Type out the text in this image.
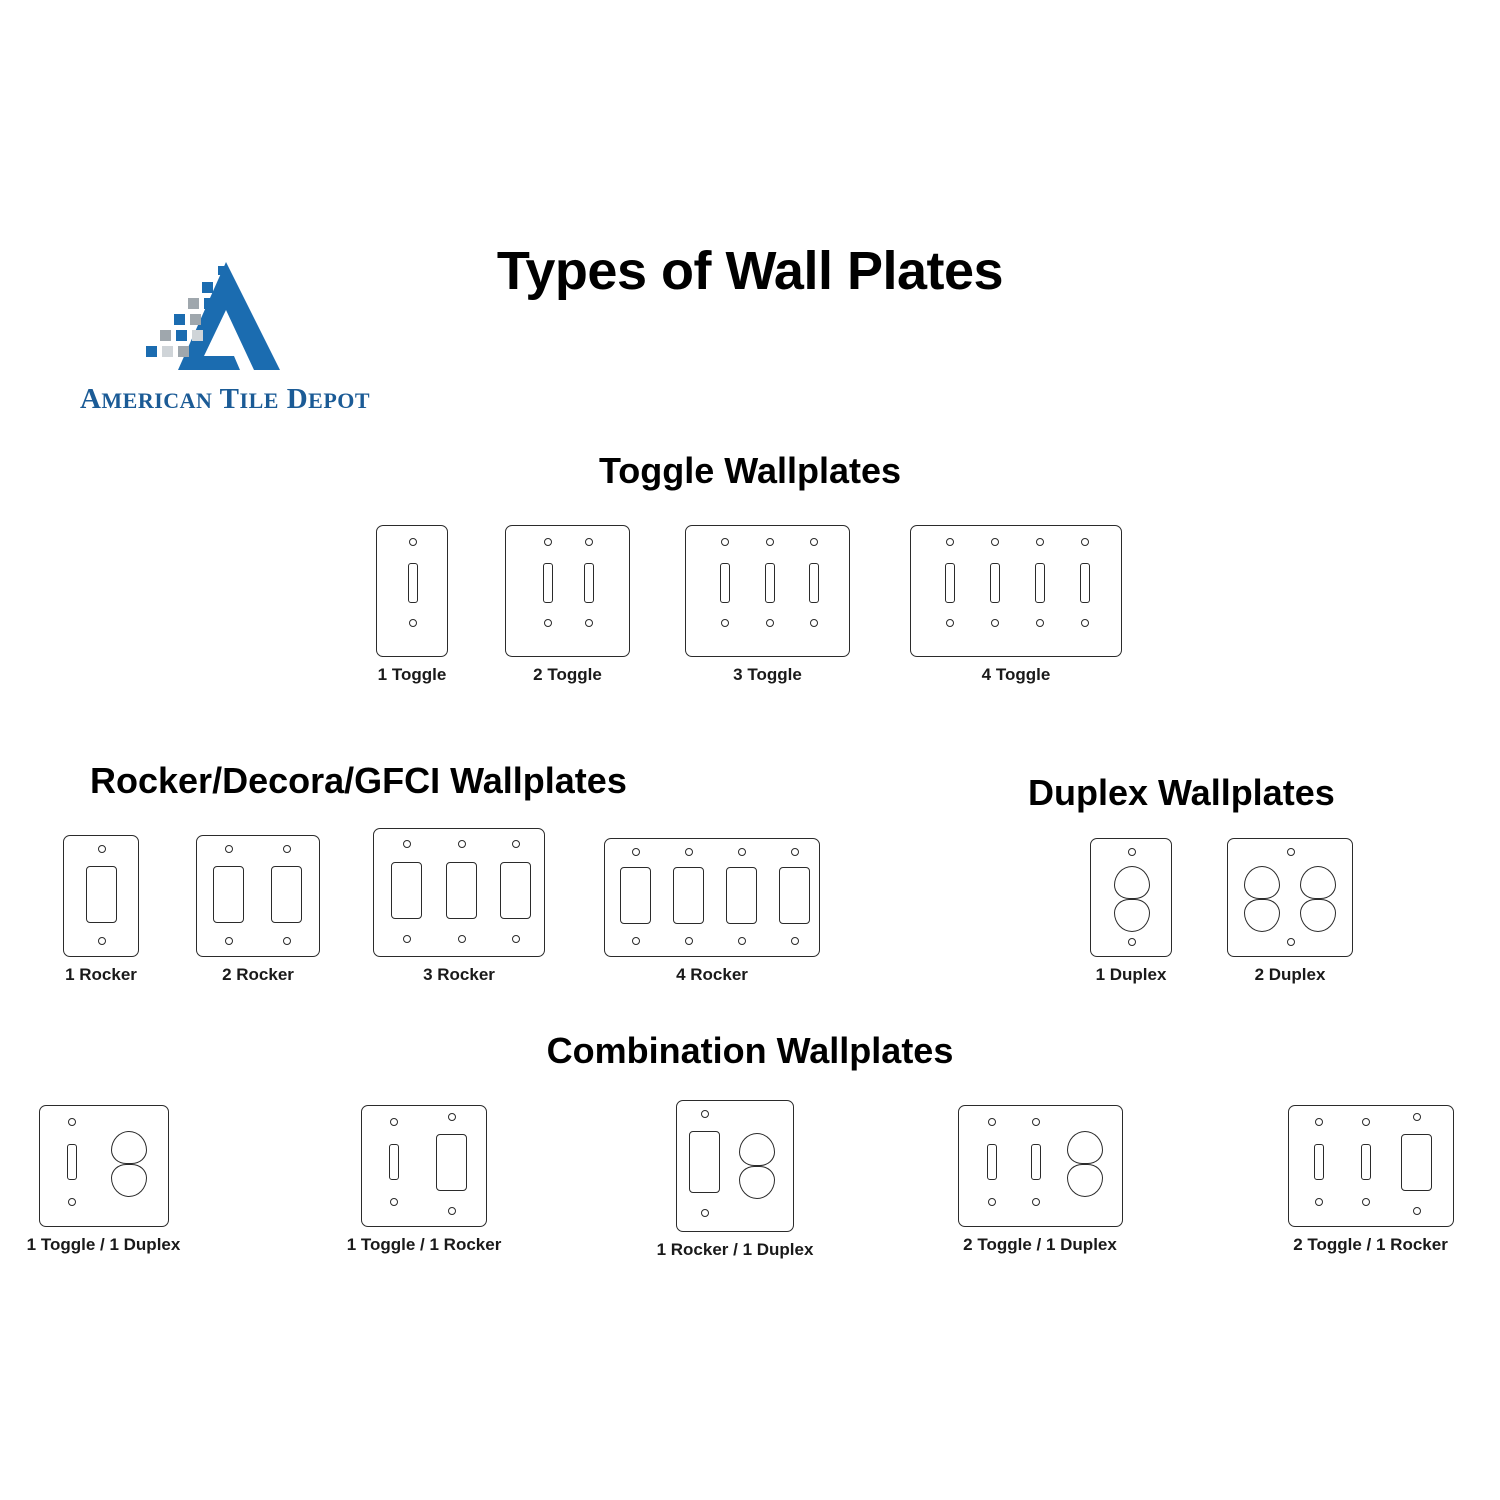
AMERICAN TILE DEPOT
Types of Wall Plates
Toggle Wallplates
Rocker/Decora/GFCI Wallplates	Duplex Wallplates
Combination Wallplates
1 Toggle	2 Toggle	3 Toggle	4 Toggle
1 Rocker	2 Rocker	3 Rocker	4 Rocker	1 Duplex	2 Duplex
1 Toggle / 1 Duplex	1 Toggle / 1 Rocker	1 Rocker / 1 Duplex	2 Toggle / 1 Duplex	2 Toggle / 1 Rocker
